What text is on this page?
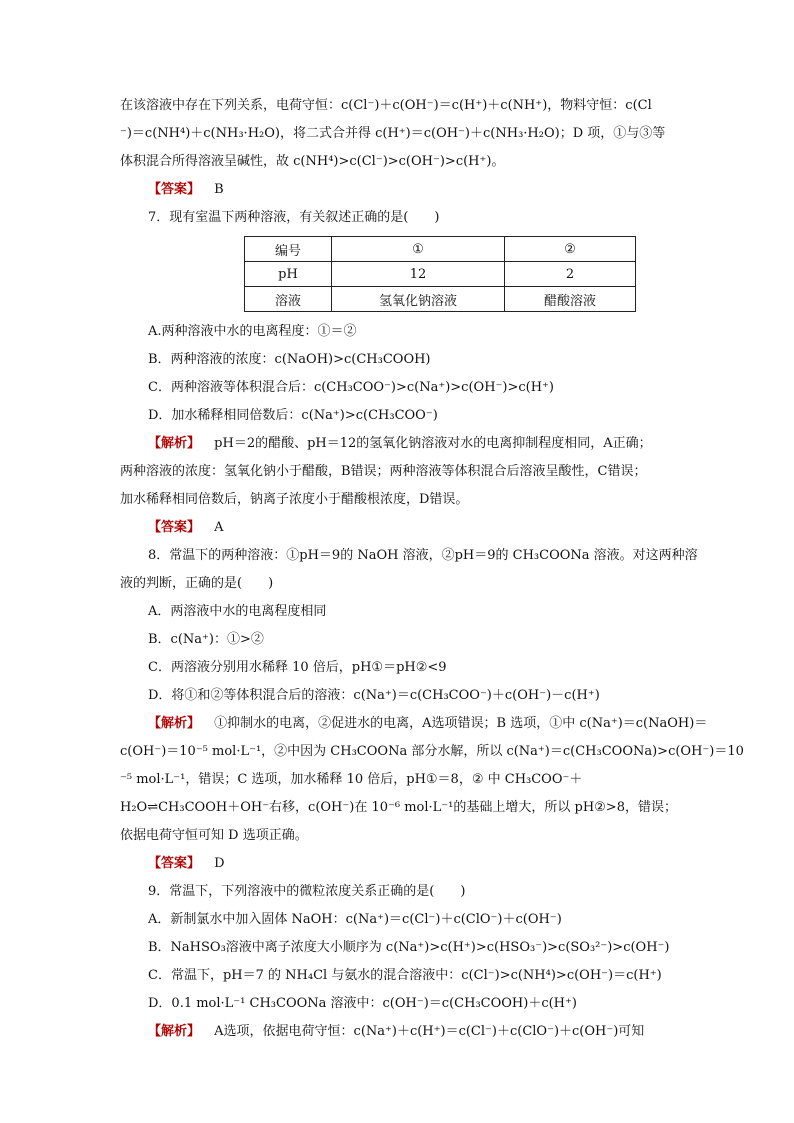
在该溶液中存在下列关系，电荷守恒：c(Cl⁻)＋c(OH⁻)＝c(H⁺)＋c(NH⁺)，物料守恒：c(Cl
⁻)＝c(NH⁴)＋c(NH₃·H₂O)，将二式合并得 c(H⁺)＝c(OH⁻)＋c(NH₃·H₂O)；D 项，①与③等
体积混合所得溶液呈碱性，故 c(NH⁴)>c(Cl⁻)>c(OH⁻)>c(H⁺)。
【答案】 B
7．现有室温下两种溶液，有关叙述正确的是(　　)
编号	①	②
pH	12	2
溶液	氢氧化钠溶液	醋酸溶液
A.两种溶液中水的电离程度：①＝②
B．两种溶液的浓度：c(NaOH)>c(CH₃COOH)
C．两种溶液等体积混合后：c(CH₃COO⁻)>c(Na⁺)>c(OH⁻)>c(H⁺)
D．加水稀释相同倍数后：c(Na⁺)>c(CH₃COO⁻)
【解析】 pH＝2的醋酸、pH＝12的氢氧化钠溶液对水的电离抑制程度相同，A正确；
两种溶液的浓度：氢氧化钠小于醋酸，B错误；两种溶液等体积混合后溶液呈酸性，C错误；
加水稀释相同倍数后，钠离子浓度小于醋酸根浓度，D错误。
【答案】 A
8．常温下的两种溶液：①pH＝9的 NaOH 溶液，②pH＝9的 CH₃COONa 溶液。对这两种溶
液的判断，正确的是(　　)
A．两溶液中水的电离程度相同
B．c(Na⁺)：①>②
C．两溶液分别用水稀释 10 倍后，pH①＝pH②<9
D．将①和②等体积混合后的溶液：c(Na⁺)＝c(CH₃COO⁻)＋c(OH⁻)－c(H⁺)
【解析】 ①抑制水的电离，②促进水的电离，A选项错误；B 选项，①中 c(Na⁺)＝c(NaOH)＝
c(OH⁻)＝10⁻⁵ mol·L⁻¹，②中因为 CH₃COONa 部分水解，所以 c(Na⁺)＝c(CH₃COONa)>c(OH⁻)＝10
⁻⁵ mol·L⁻¹，错误；C 选项，加水稀释 10 倍后，pH①＝8，② 中 CH₃COO⁻＋
H₂O⇌CH₃COOH＋OH⁻右移，c(OH⁻)在 10⁻⁶ mol·L⁻¹的基础上增大，所以 pH②>8，错误；
依据电荷守恒可知 D 选项正确。
【答案】 D
9．常温下，下列溶液中的微粒浓度关系正确的是(　　)
A．新制氯水中加入固体 NaOH：c(Na⁺)＝c(Cl⁻)＋c(ClO⁻)＋c(OH⁻)
B．NaHSO₃溶液中离子浓度大小顺序为 c(Na⁺)>c(H⁺)>c(HSO₃⁻)>c(SO₃²⁻)>c(OH⁻)
C．常温下，pH＝7 的 NH₄Cl 与氨水的混合溶液中：c(Cl⁻)>c(NH⁴)>c(OH⁻)＝c(H⁺)
D．0.1 mol·L⁻¹ CH₃COONa 溶液中：c(OH⁻)＝c(CH₃COOH)＋c(H⁺)
【解析】 A选项，依据电荷守恒：c(Na⁺)＋c(H⁺)＝c(Cl⁻)＋c(ClO⁻)＋c(OH⁻)可知
